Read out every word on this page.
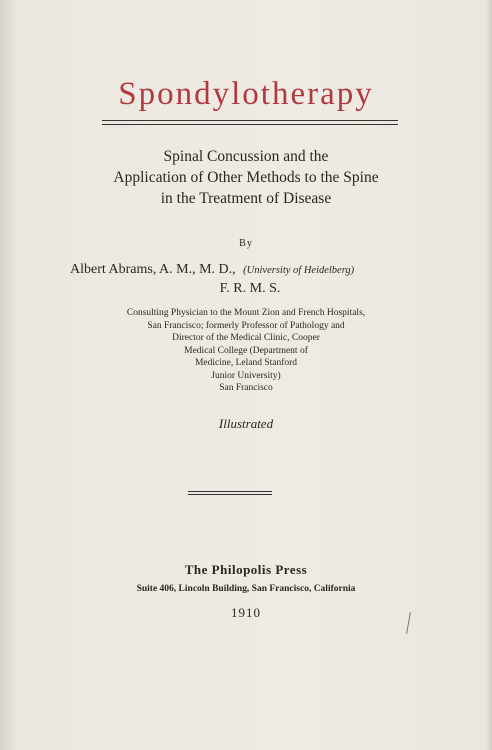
Spondylotherapy
Spinal Concussion and the
Application of Other Methods to the Spine
in the Treatment of Disease
By
Albert Abrams, A. M., M. D., (University of Heidelberg)
F. R. M. S.
Consulting Physician to the Mount Zion and French Hospitals,
San Francisco; formerly Professor of Pathology and
Director of the Medical Clinic, Cooper
Medical College (Department of
Medicine, Leland Stanford
Junior University)
San Francisco
Illustrated
The Philopolis Press
Suite 406, Lincoln Building, San Francisco, California
1910
